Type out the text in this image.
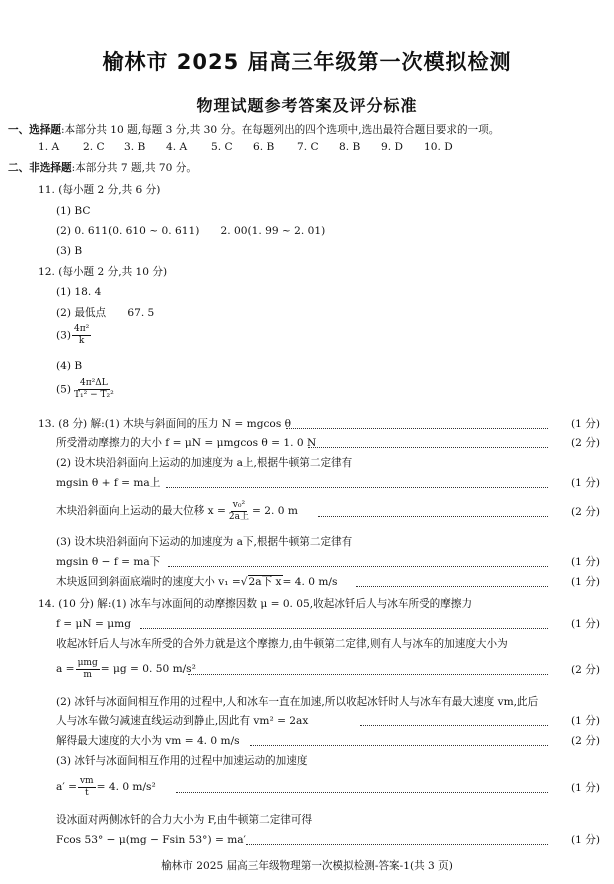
榆林市 2025 届高三年级第一次模拟检测
物理试题参考答案及评分标准
一、选择题:本部分共 10 题,每题 3 分,共 30 分。在每题列出的四个选项中,选出最符合题目要求的一项。
1. A 2. C 3. B 4. A 5. C 6. B 7. C 8. B 9. D 10. D
二、非选择题:本部分共 7 题,共 70 分。
11. (每小题 2 分,共 6 分)
(1) BC
(2) 0. 611(0. 610 ~ 0. 611)　　2. 00(1. 99 ~ 2. 01)
(3) B
12. (每小题 2 分,共 10 分)
(1) 18. 4
(2) 最低点　　67. 5
$(3) \frac{\text{4π²}}{k}$
(4) B
$(5) \frac{\text{4π²ΔL}}{\text{T₁² − T₂²}}$
13. (8 分) 解:(1) 木块与斜面间的压力 N = mgcos θ	(1 分)
所受滑动摩擦力的大小 f = μN = μmgcos θ = 1. 0 N	(2 分)
(2) 设木块沿斜面向上运动的加速度为 a上,根据牛顿第二定律有
mgsin θ + f = ma上	(1 分)
木块沿斜面向上运动的最大位移 $x = \frac{\text{v₀²}}{\text{2a上}} = 2$. 0 m	(2 分)
(3) 设木块沿斜面向下运动的加速度为 a下,根据牛顿第二定律有
mgsin θ − f = ma下	(1 分)
木块返回到斜面底端时的速度大小 v₁ =√2a下 x= 4. 0 m/s	(1 分)
14. (10 分) 解:(1) 冰车与冰面间的动摩擦因数 μ = 0. 05,收起冰钎后人与冰车所受的摩擦力
f = μN = μmg	(1 分)
收起冰钎后人与冰车所受的合外力就是这个摩擦力,由牛顿第二定律,则有人与冰车的加速度大小为
$a = \frac{\text{μmg}}{m} = \mu g = 0$. 50 m/s²	(2 分)
(2) 冰钎与冰面间相互作用的过程中,人和冰车一直在加速,所以收起冰钎时人与冰车有最大速度 vm,此后
人与冰车做匀减速直线运动到静止,因此有 vm² = 2ax	(1 分)
解得最大速度的大小为 vm = 4. 0 m/s	(2 分)
(3) 冰钎与冰面间相互作用的过程中加速运动的加速度
$a' = \frac{vm}{t} = 4$. 0 m/s²	(1 分)
设冰面对两侧冰钎的合力大小为 F,由牛顿第二定律可得
Fcos 53° − μ(mg − Fsin 53°) = ma′	(1 分)
榆林市 2025 届高三年级物理第一次模拟检测-答案-1(共 3 页)
